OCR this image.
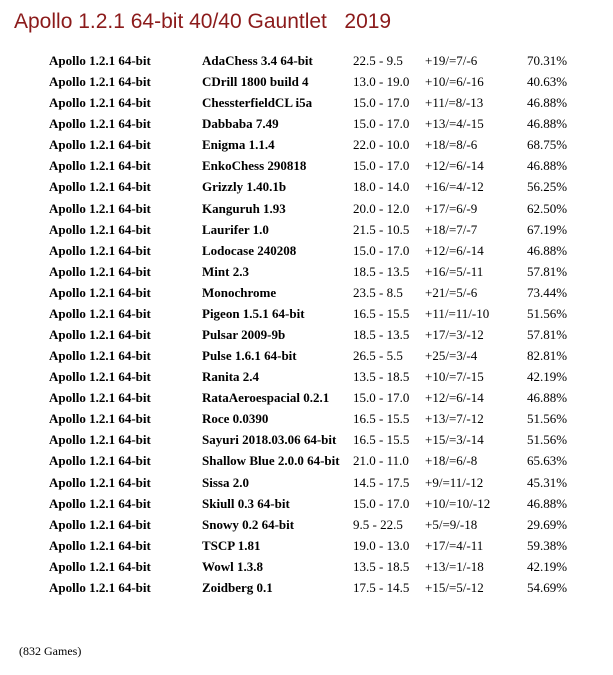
Apollo 1.2.1 64-bit 40/40 Gauntlet   2019
Apollo 1.2.1 64-bit	AdaChess 3.4 64-bit	22.5 - 9.5 +19/=7/-6	70.31%
Apollo 1.2.1 64-bit	CDrill 1800 build 4	13.0 - 19.0 +10/=6/-16	40.63%
Apollo 1.2.1 64-bit	ChessterfieldCL i5a	15.0 - 17.0 +11/=8/-13	46.88%
Apollo 1.2.1 64-bit	Dabbaba 7.49	15.0 - 17.0 +13/=4/-15	46.88%
Apollo 1.2.1 64-bit	Enigma 1.1.4	22.0 - 10.0 +18/=8/-6	68.75%
Apollo 1.2.1 64-bit	EnkoChess 290818	15.0 - 17.0 +12/=6/-14	46.88%
Apollo 1.2.1 64-bit	Grizzly 1.40.1b	18.0 - 14.0 +16/=4/-12	56.25%
Apollo 1.2.1 64-bit	Kanguruh 1.93	20.0 - 12.0 +17/=6/-9	62.50%
Apollo 1.2.1 64-bit	Laurifer 1.0	21.5 - 10.5 +18/=7/-7	67.19%
Apollo 1.2.1 64-bit	Lodocase 240208	15.0 - 17.0 +12/=6/-14	46.88%
Apollo 1.2.1 64-bit	Mint 2.3	18.5 - 13.5 +16/=5/-11	57.81%
Apollo 1.2.1 64-bit	Monochrome	23.5 - 8.5 +21/=5/-6	73.44%
Apollo 1.2.1 64-bit	Pigeon 1.5.1 64-bit	16.5 - 15.5 +11/=11/-10	51.56%
Apollo 1.2.1 64-bit	Pulsar 2009-9b	18.5 - 13.5 +17/=3/-12	57.81%
Apollo 1.2.1 64-bit	Pulse 1.6.1 64-bit	26.5 - 5.5 +25/=3/-4	82.81%
Apollo 1.2.1 64-bit	Ranita 2.4	13.5 - 18.5 +10/=7/-15	42.19%
Apollo 1.2.1 64-bit	RataAeroespacial 0.2.1 15.0 - 17.0 +12/=6/-14	46.88%
Apollo 1.2.1 64-bit	Roce 0.0390	16.5 - 15.5 +13/=7/-12	51.56%
Apollo 1.2.1 64-bit	Sayuri 2018.03.06 64-bit 16.5 - 15.5 +15/=3/-14	51.56%
Apollo 1.2.1 64-bit	Shallow Blue 2.0.0 64-bit 21.0 - 11.0 +18/=6/-8	65.63%
Apollo 1.2.1 64-bit	Sissa 2.0	14.5 - 17.5 +9/=11/-12	45.31%
Apollo 1.2.1 64-bit	Skiull 0.3 64-bit	15.0 - 17.0 +10/=10/-12	46.88%
Apollo 1.2.1 64-bit	Snowy 0.2 64-bit	9.5 - 22.5 +5/=9/-18	29.69%
Apollo 1.2.1 64-bit	TSCP 1.81	19.0 - 13.0 +17/=4/-11	59.38%
Apollo 1.2.1 64-bit	Wowl 1.3.8	13.5 - 18.5 +13/=1/-18	42.19%
Apollo 1.2.1 64-bit	Zoidberg 0.1	17.5 - 14.5 +15/=5/-12	54.69%
(832 Games)
